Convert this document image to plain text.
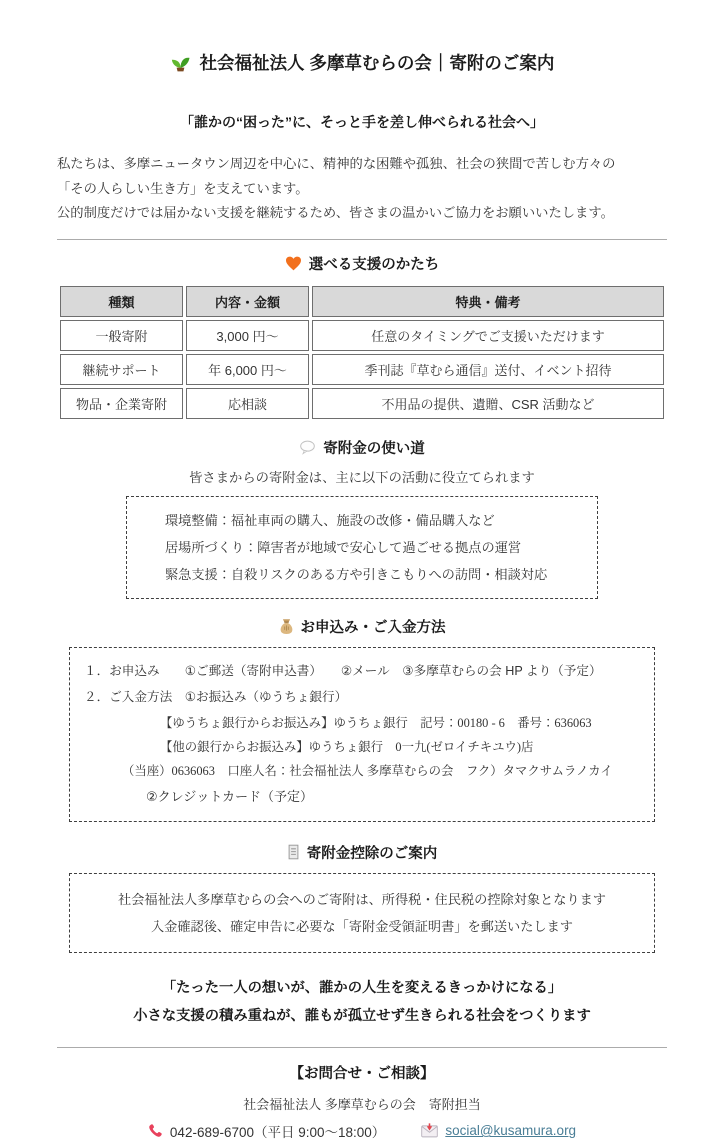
社会福祉法人 多摩草むらの会｜寄附のご案内

「誰かの“困った”に、そっと手を差し伸べられる社会へ」

私たちは、多摩ニュータウン周辺を中心に、精神的な困難や孤独、社会の狭間で苦しむ方々の

「その人らしい生き方」を支えています。

公的制度だけでは届かない支援を継続するため、皆さまの温かいご協力をお願いいたします。

選べる支援のかたち
種類	内容・金額	特典・備考
一般寄附	3,000 円～	任意のタイミングでご支援いただけます
継続サポート	年 6,000 円～	季刊誌『草むら通信』送付、イベント招待
物品・企業寄附	応相談	不用品の提供、遺贈、CSR 活動など
寄附金の使い道

皆さまからの寄附金は、主に以下の活動に役立てられます

環境整備：福祉車両の購入、施設の改修・備品購入など
居場所づくり：障害者が地域で安心して過ごせる拠点の運営
緊急支援：自殺リスクのある方や引きこもりへの訪問・相談対応
お申込み・ご入金方法
１．お申込み　　①ご郵送（寄附申込書）　　②メール　③多摩草むらの会 HP より（予定）
２．ご入金方法　①お振込み（ゆうちょ銀行）
【ゆうちょ銀行からお振込み】ゆうちょ銀行　記号：00180 - 6　番号：636063
【他の銀行からお振込み】ゆうちょ銀行　0一九(ゼロイチキユウ)店
（当座）0636063　口座人名：社会福祉法人 多摩草むらの会　フク）タマクサムラノカイ
②クレジットカード（予定）
寄附金控除のご案内
社会福祉法人多摩草むらの会へのご寄附は、所得税・住民税の控除対象となります
入金確認後、確定申告に必要な「寄附金受領証明書」を郵送いたします
「たった一人の想いが、誰かの人生を変えるきっかけになる」
小さな支援の積み重ねが、誰もが孤立せず生きられる社会をつくります
【お問合せ・ご相談】
社会福祉法人 多摩草むらの会　寄附担当
042-689-6700（平日 9:00～18:00）	social@kusamura.org
